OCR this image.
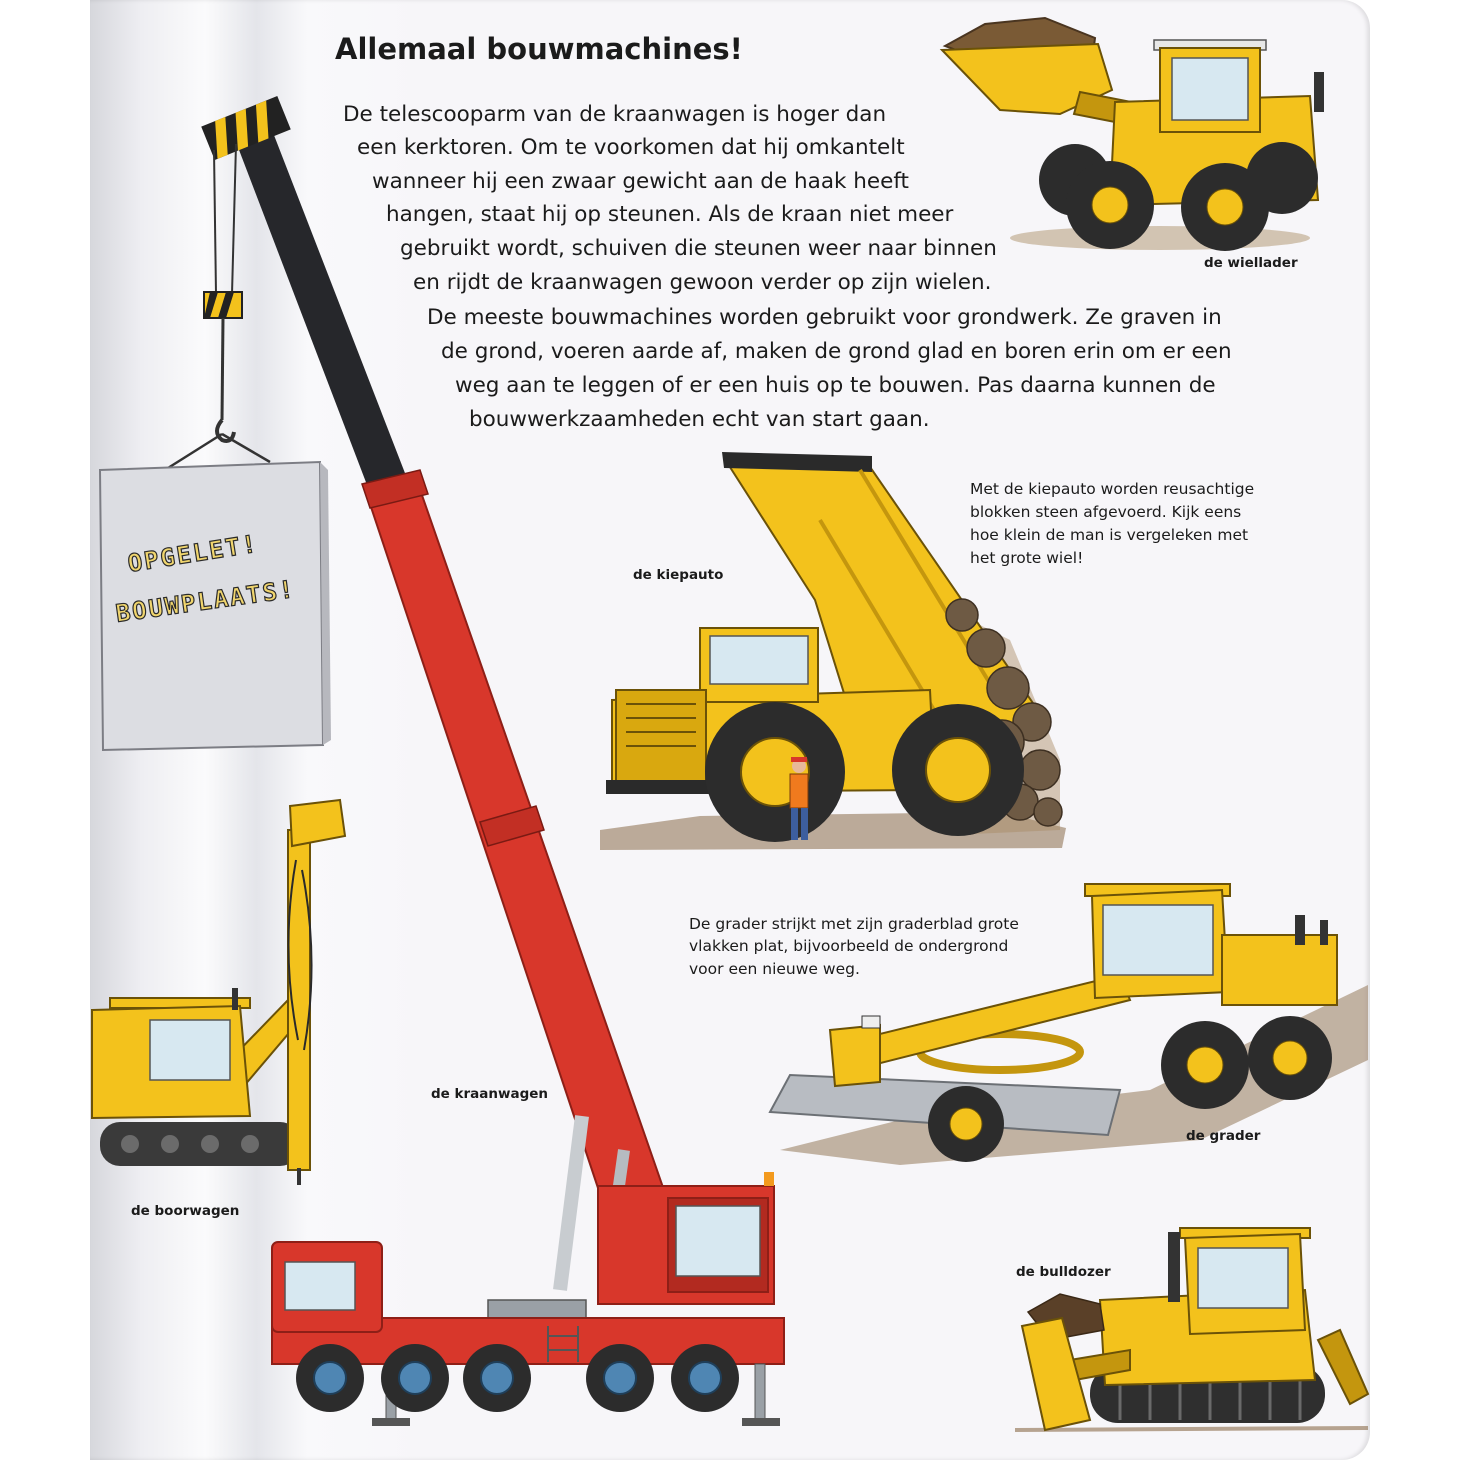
Allemaal bouwmachines!
De telescooparm van de kraanwagen is hoger dan
een kerktoren. Om te voorkomen dat hij omkantelt
wanneer hij een zwaar gewicht aan de haak heeft
hangen, staat hij op steunen. Als de kraan niet meer
gebruikt wordt, schuiven die steunen weer naar binnen
en rijdt de kraanwagen gewoon verder op zijn wielen.
De meeste bouwmachines worden gebruikt voor grondwerk. Ze graven in
de grond, voeren aarde af, maken de grond glad en boren erin om er een
weg aan te leggen of er een huis op te bouwen. Pas daarna kunnen de
bouwwerkzaamheden echt van start gaan.
Met de kiepauto worden reusachtige
blokken steen afgevoerd. Kijk eens
hoe klein de man is vergeleken met
het grote wiel!
De grader strijkt met zijn graderblad grote
vlakken plat, bijvoorbeeld de ondergrond
voor een nieuwe weg.
de wiellader
de kiepauto
de kraanwagen
de grader
de boorwagen
de bulldozer
OPGELET!
BOUWPLAATS!
